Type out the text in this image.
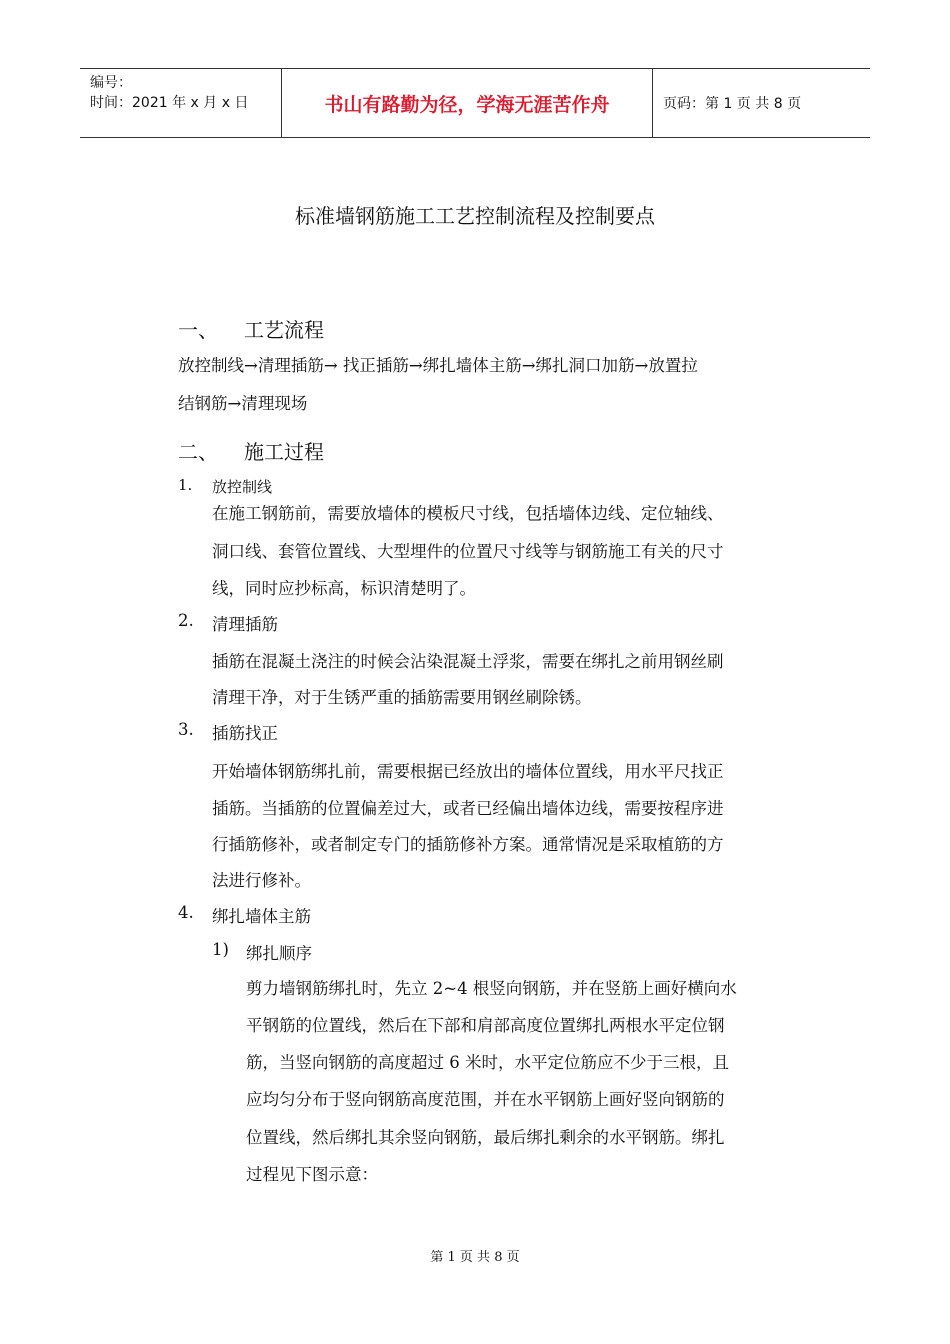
编号：
时间：2021 年 x 月 x 日	书山有路勤为径，学海无涯苦作舟	页码：第 1 页 共 8 页
标准墙钢筋施工工艺控制流程及控制要点
一、 工艺流程
放控制线→清理插筋→ 找正插筋→绑扎墙体主筋→绑扎洞口加筋→放置拉
结钢筋→清理现场
二、 施工过程
1. 放控制线
在施工钢筋前，需要放墙体的模板尺寸线，包括墙体边线、定位轴线、
洞口线、套管位置线、大型埋件的位置尺寸线等与钢筋施工有关的尺寸
线，同时应抄标高，标识清楚明了。
2. 清理插筋
插筋在混凝土浇注的时候会沾染混凝土浮浆，需要在绑扎之前用钢丝刷
清理干净，对于生锈严重的插筋需要用钢丝刷除锈。
3. 插筋找正
开始墙体钢筋绑扎前，需要根据已经放出的墙体位置线，用水平尺找正
插筋。当插筋的位置偏差过大，或者已经偏出墙体边线，需要按程序进
行插筋修补，或者制定专门的插筋修补方案。通常情况是采取植筋的方
法进行修补。
4. 绑扎墙体主筋
1) 绑扎顺序
剪力墙钢筋绑扎时，先立 2~4 根竖向钢筋，并在竖筋上画好横向水
平钢筋的位置线，然后在下部和肩部高度位置绑扎两根水平定位钢
筋，当竖向钢筋的高度超过 6 米时，水平定位筋应不少于三根，且
应均匀分布于竖向钢筋高度范围，并在水平钢筋上画好竖向钢筋的
位置线，然后绑扎其余竖向钢筋，最后绑扎剩余的水平钢筋。绑扎
过程见下图示意：
第 1 页 共 8 页
